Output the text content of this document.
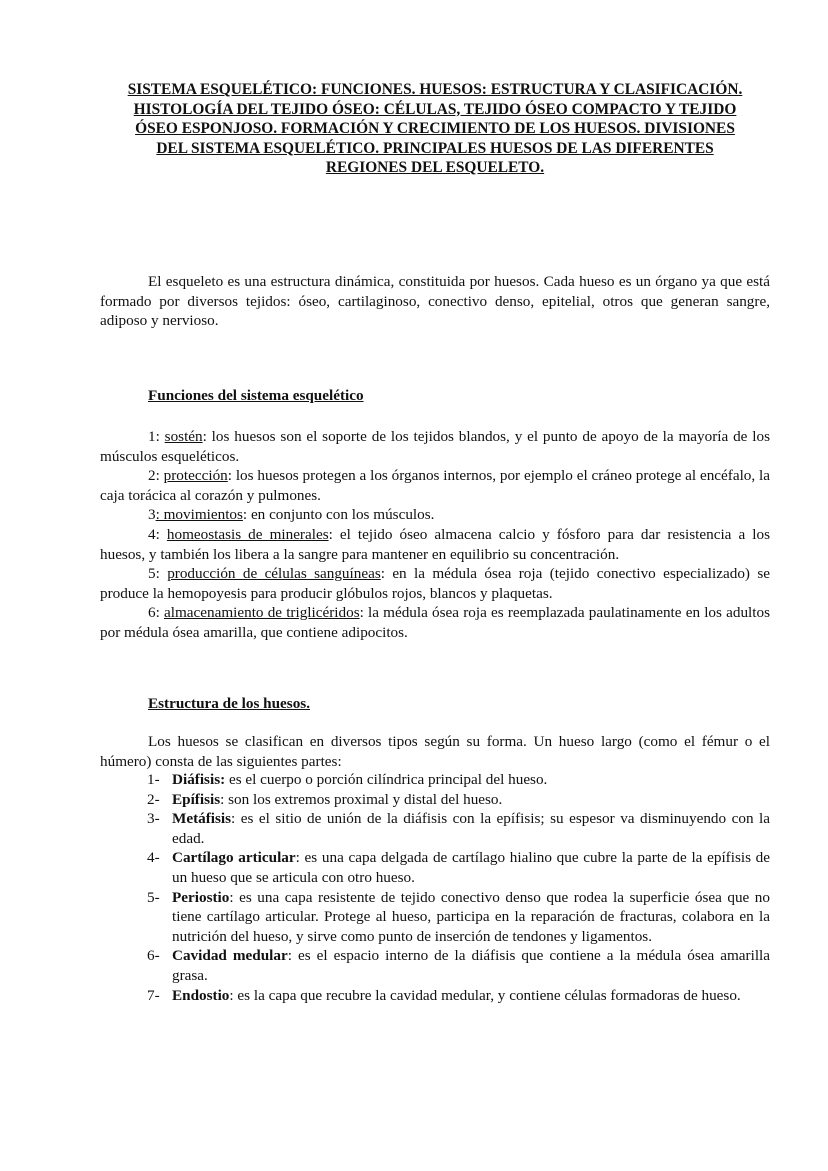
SISTEMA ESQUELÉTICO: FUNCIONES. HUESOS: ESTRUCTURA Y CLASIFICACIÓN.
HISTOLOGÍA DEL TEJIDO ÓSEO: CÉLULAS, TEJIDO ÓSEO COMPACTO Y TEJIDO
ÓSEO ESPONJOSO. FORMACIÓN Y CRECIMIENTO DE LOS HUESOS. DIVISIONES
DEL SISTEMA ESQUELÉTICO. PRINCIPALES HUESOS DE LAS DIFERENTES
REGIONES DEL ESQUELETO.

El esqueleto es una estructura dinámica, constituida por huesos. Cada hueso es un órgano ya que está formado por diversos tejidos: óseo, cartilaginoso, conectivo denso, epitelial, otros que generan sangre, adiposo y nervioso.

Funciones del sistema esquelético

1: sostén: los huesos son el soporte de los tejidos blandos, y el punto de apoyo de la mayoría de los músculos esqueléticos.

2: protección: los huesos protegen a los órganos internos, por ejemplo el cráneo protege al encéfalo, la caja torácica al corazón y pulmones.

3: movimientos: en conjunto con los músculos.

4: homeostasis de minerales: el tejido óseo almacena calcio y fósforo para dar resistencia a los huesos, y también los libera a la sangre para mantener en equilibrio su concentración.

5: producción de células sanguíneas: en la médula ósea roja (tejido conectivo especializado) se produce la hemopoyesis para producir glóbulos rojos, blancos y plaquetas.

6: almacenamiento de triglicéridos: la médula ósea roja es reemplazada paulatinamente en los adultos por médula ósea amarilla, que contiene adipocitos.

Estructura de los huesos.

Los huesos se clasifican en diversos tipos según su forma. Un hueso largo (como el fémur o el húmero) consta de las siguientes partes:

1- Diáfisis: es el cuerpo o porción cilíndrica principal del hueso.
2- Epífisis: son los extremos proximal y distal del hueso.
3- Metáfisis: es el sitio de unión de la diáfisis con la epífisis; su espesor va disminuyendo con la edad.
4- Cartílago articular: es una capa delgada de cartílago hialino que cubre la parte de la epífisis de un hueso que se articula con otro hueso.
5- Periostio: es una capa resistente de tejido conectivo denso que rodea la superficie ósea que no tiene cartílago articular. Protege al hueso, participa en la reparación de fracturas, colabora en la nutrición del hueso, y sirve como punto de inserción de tendones y ligamentos.
6- Cavidad medular: es el espacio interno de la diáfisis que contiene a la médula ósea amarilla grasa.
7- Endostio: es la capa que recubre la cavidad medular, y contiene células formadoras de hueso.
